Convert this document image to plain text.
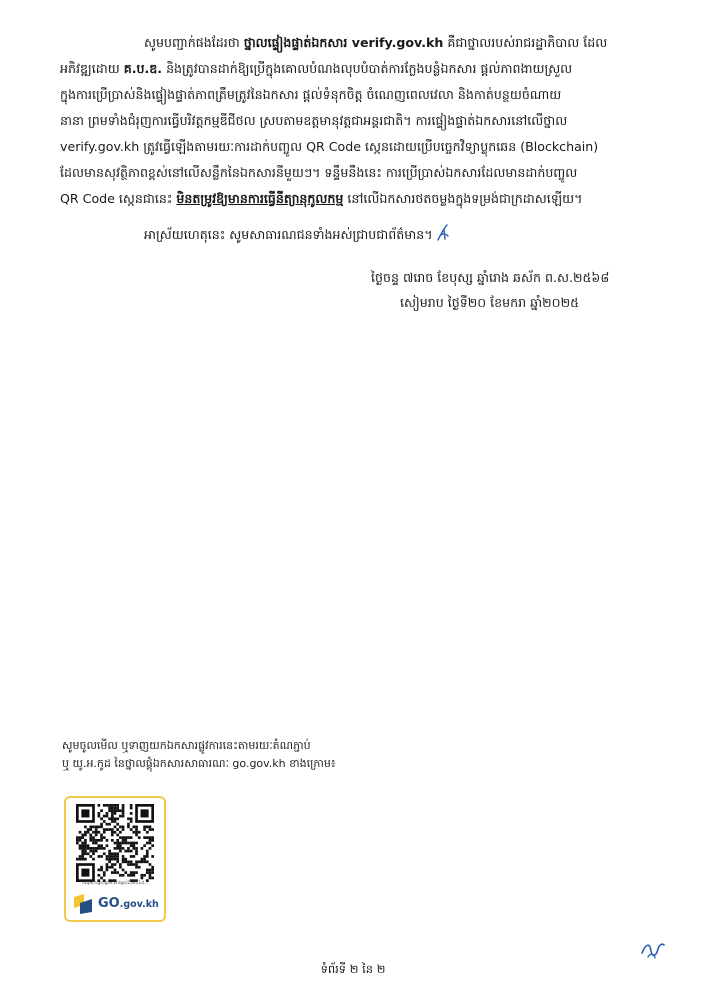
សូមបញ្ជាក់ផងដែរថា ថ្នាលផ្ទៀងផ្ទាត់ឯកសារ verify.gov.kh គឺជាថ្នាលរបស់រាជរដ្ឋាភិបាល ដែល
អភិវឌ្ឍដោយ គ.ប.ឌ. និងត្រូវបានដាក់ឱ្យប្រើក្នុងគោលបំណងលុបបំបាត់ការក្លែងបន្លំឯកសារ ផ្តល់ភាពងាយស្រួល
ក្នុងការប្រើប្រាស់និងផ្ទៀងផ្ទាត់ភាពត្រឹមត្រូវនៃឯកសារ ផ្តល់ទំនុកចិត្ត ចំណេញពេលវេលា និងកាត់បន្ថយចំណាយ
នានា ព្រមទាំងជំរុញការធ្វើបរិវត្តកម្មឌីជីថល ស្របតាមឧត្តមានុវត្តជាអន្តរជាតិ។ ការផ្ទៀងផ្ទាត់ឯកសារនៅលើថ្នាល
verify.gov.kh ត្រូវធ្វើឡើងតាមរយៈការដាក់បញ្ចូល QR Code ស្កេនដោយប្រើបច្ចេកវិទ្យាប្លុកឆេន (Blockchain)
ដែលមានសុវត្ថិភាពខ្ពស់នៅលើសន្លឹកនៃឯកសារនីមួយៗ។ ទន្ទឹមនឹងនេះ ការប្រើប្រាស់ឯកសារដែលមានដាក់បញ្ចូល
QR Code ស្កេនជានេះ មិនតម្រូវឱ្យមានការធ្វើនីត្យានុកូលកម្ម នៅលើឯកសារថតចម្លងក្នុងទម្រង់ជាក្រដាសឡើយ។
អាស្រ័យហេតុនេះ សូមសាធារណជនទាំងអស់ជ្រាបជាព័ត៌មាន។
ថ្ងៃចន្ទ ៧រោច ខែបុស្ស ឆ្នាំរោង ឆស័ក ព.ស.២៥៦៨
សៀមរាប ថ្ងៃទី២០ ខែមករា ឆ្នាំ២០២៥
សូមចូលមើល ឬទាញយកឯកសារផ្លូវការនេះតាមរយៈតំណភ្ជាប់
ឬ យូ.អ.កូដ នៃថ្នាលផ្តុំឯកសារសាធារណៈ go.gov.kh ខាងក្រោម៖
https://go.gov.kh/go/25011d...
GO.gov.kh
ទំព័រទី ២ នៃ ២
